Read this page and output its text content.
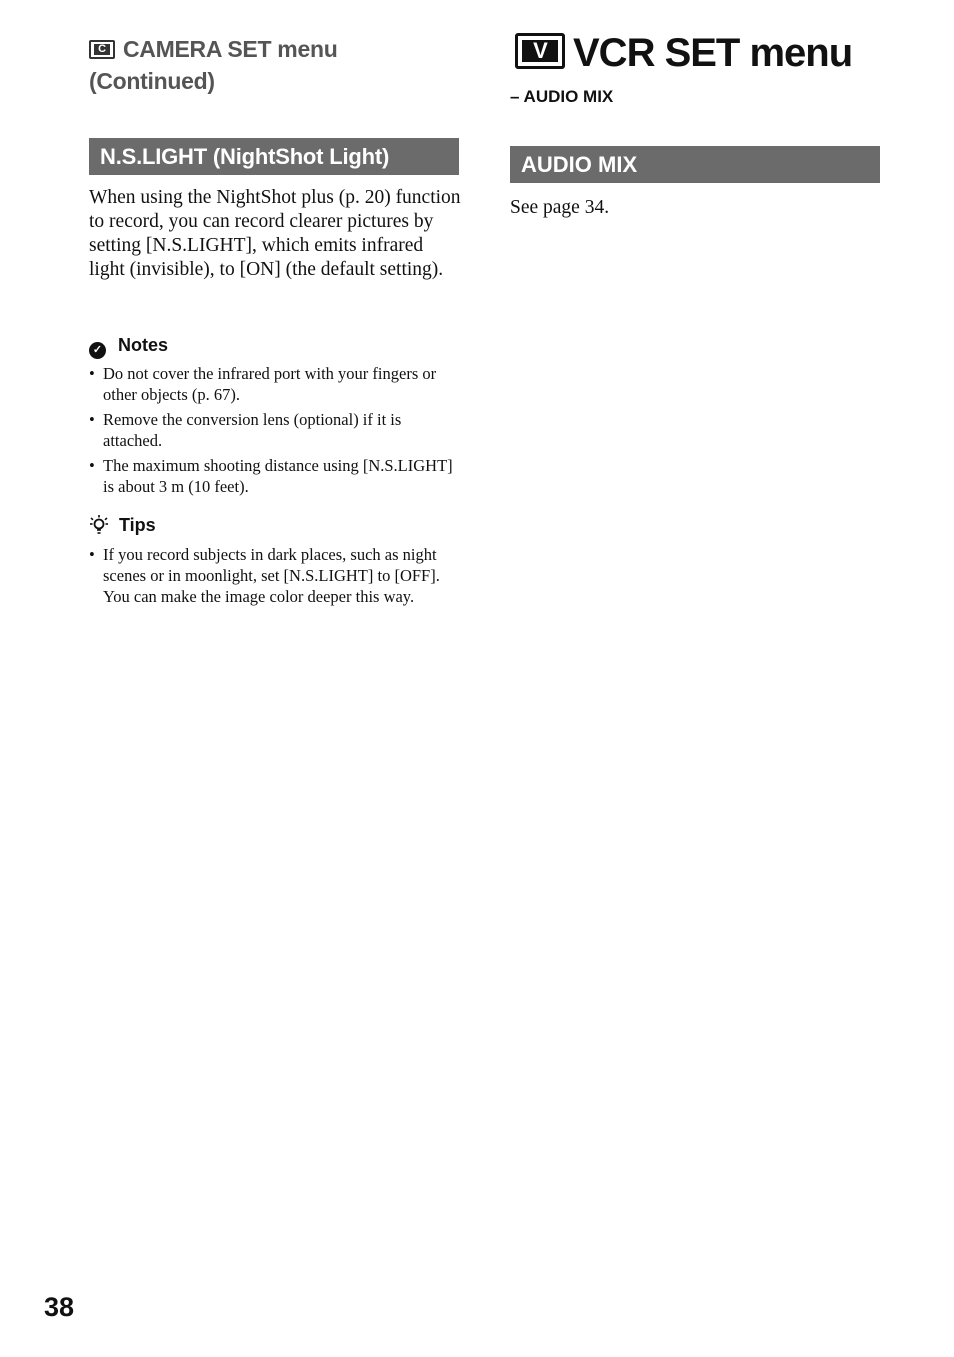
C CAMERA SET menu
(Continued)
N.S.LIGHT (NightShot Light)
When using the NightShot plus (p. 20) function to record, you can record clearer pictures by setting [N.S.LIGHT], which emits infrared light (invisible), to [ON] (the default setting).
✓ Notes
• Do not cover the infrared port with your fingers or other objects (p. 67).
• Remove the conversion lens (optional) if it is attached.
• The maximum shooting distance using [N.S.LIGHT] is about 3 m (10 feet).
Tips
• If you record subjects in dark places, such as night scenes or in moonlight, set [N.S.LIGHT] to [OFF]. You can make the image color deeper this way.
V VCR SET menu
– AUDIO MIX
AUDIO MIX
See page 34.
38
